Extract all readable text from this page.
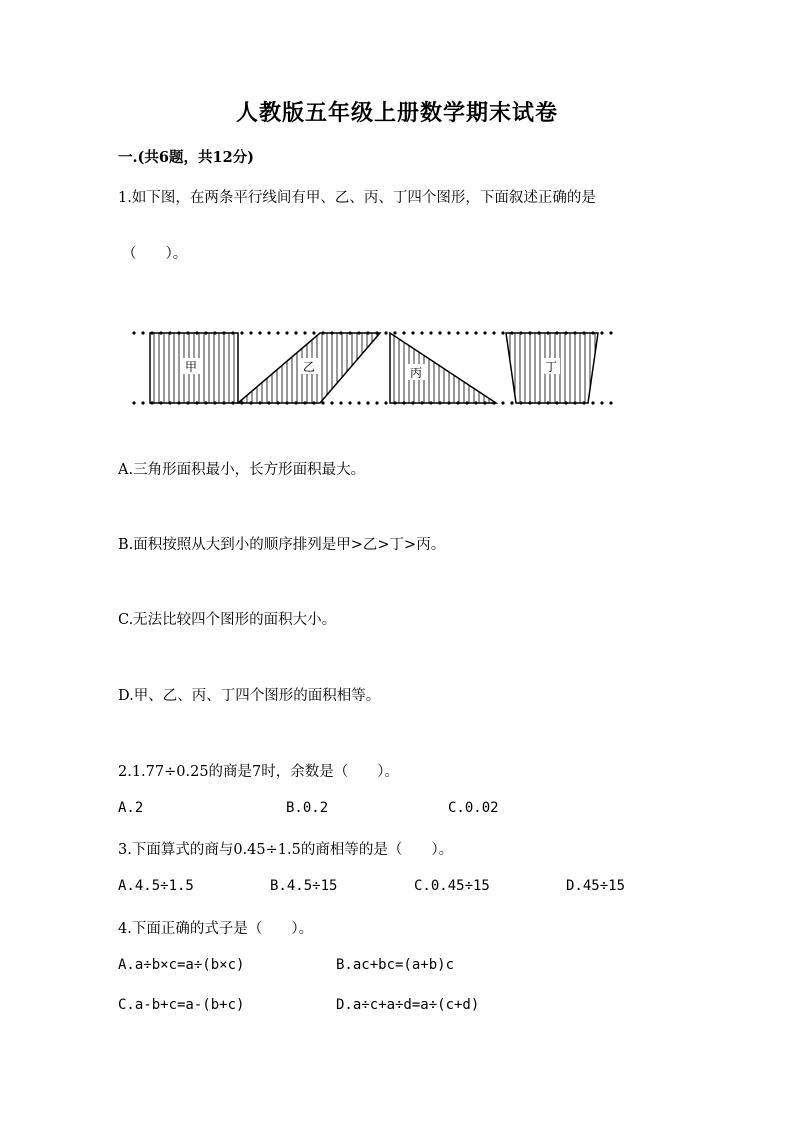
人教版五年级上册数学期末试卷
一.(共6题，共12分)
1.如下图，在两条平行线间有甲、乙、丙、丁四个图形，下面叙述正确的是
（　　）。
甲	乙	丙	丁
A.三角形面积最小，长方形面积最大。
B.面积按照从大到小的顺序排列是甲>乙>丁>丙。
C.无法比较四个图形的面积大小。
D.甲、乙、丙、丁四个图形的面积相等。
2.1.77÷0.25的商是7时，余数是（　　）。
A.2	B.0.2	C.0.02
3.下面算式的商与0.45÷1.5的商相等的是（　　）。
A.4.5÷1.5	B.4.5÷15	C.0.45÷15	D.45÷15
4.下面正确的式子是（　　）。
A.a÷b×c=a÷(b×c)	B.ac+bc=(a+b)c
C.a-b+c=a-(b+c)	D.a÷c+a÷d=a÷(c+d)
